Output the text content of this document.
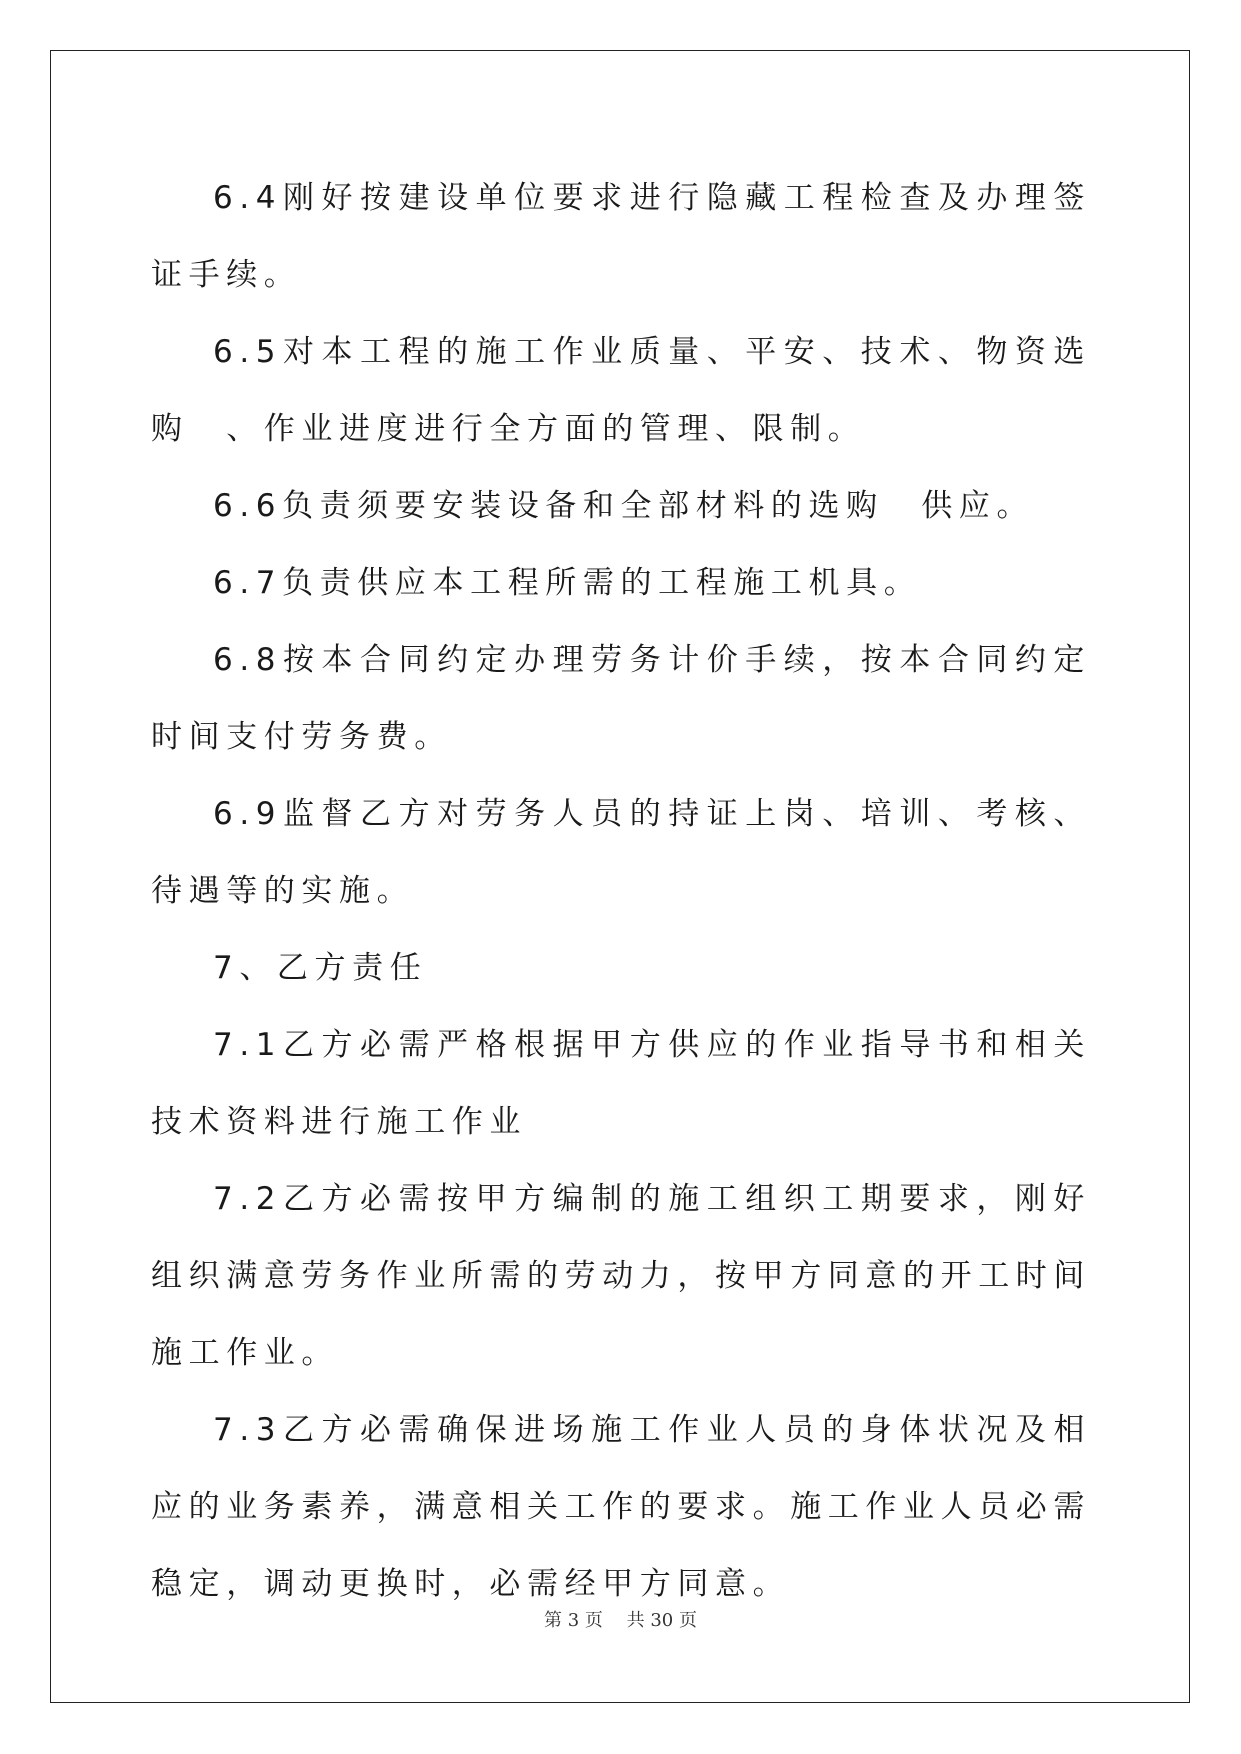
6.4刚好按建设单位要求进行隐藏工程检查及办理签证手续。

6.5对本工程的施工作业质量、平安、技术、物资选购　、作业进度进行全方面的管理、限制。

6.6负责须要安装设备和全部材料的选购　供应。

6.7负责供应本工程所需的工程施工机具。

6.8按本合同约定办理劳务计价手续，按本合同约定时间支付劳务费。

6.9监督乙方对劳务人员的持证上岗、培训、考核、待遇等的实施。

7、乙方责任

7.1乙方必需严格根据甲方供应的作业指导书和相关技术资料进行施工作业

7.2乙方必需按甲方编制的施工组织工期要求，刚好组织满意劳务作业所需的劳动力，按甲方同意的开工时间施工作业。

7.3乙方必需确保进场施工作业人员的身体状况及相应的业务素养，满意相关工作的要求。施工作业人员必需稳定，调动更换时，必需经甲方同意。

第 3 页　 共 30 页
